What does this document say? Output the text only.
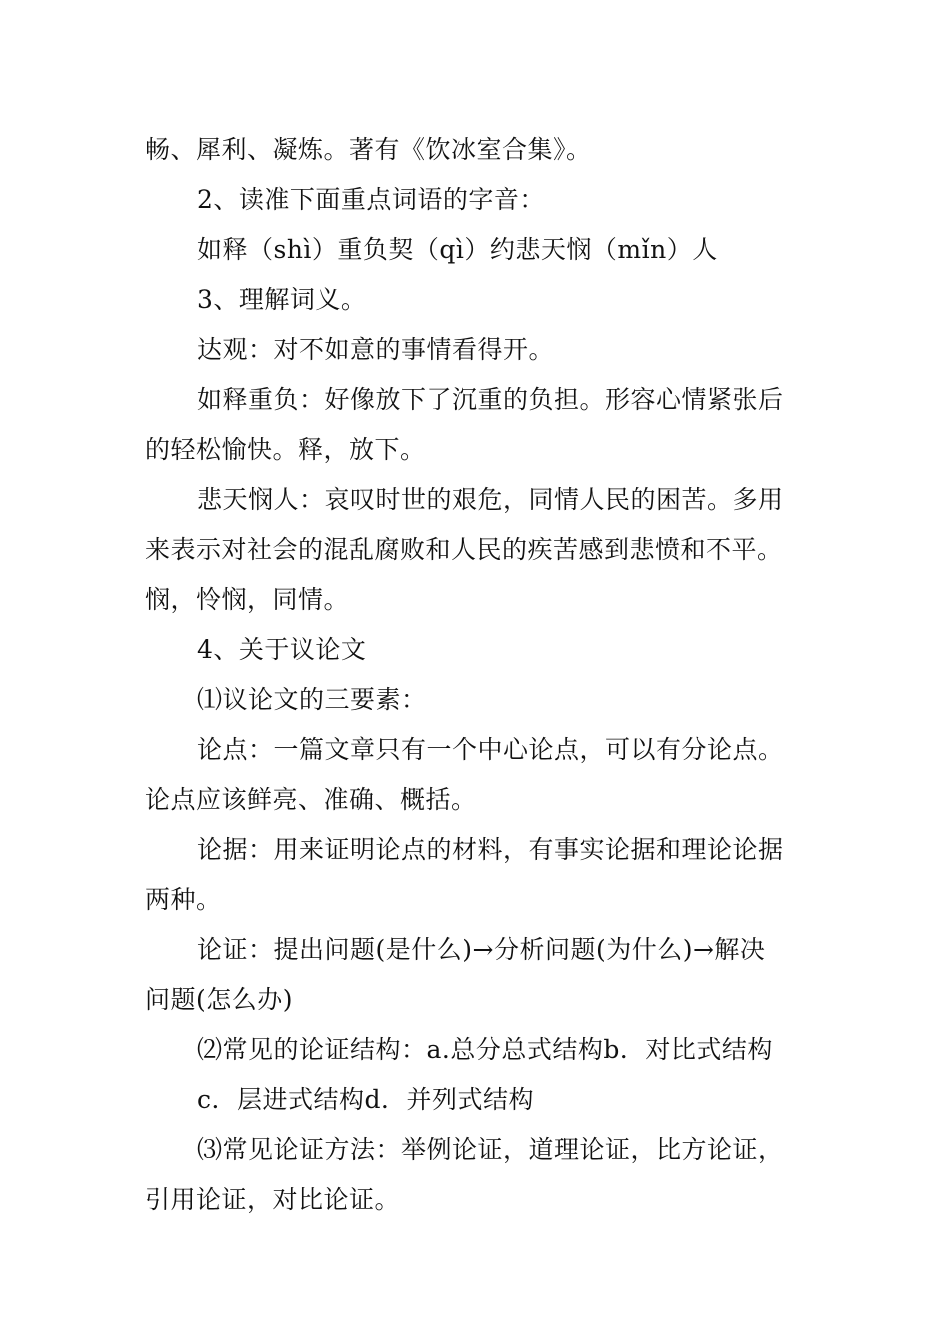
畅、犀利、凝炼。著有《饮冰室合集》。
2、读准下面重点词语的字音：
如释（shì）重负契（qì）约悲天悯（mǐn）人
3、理解词义。
达观：对不如意的事情看得开。
如释重负：好像放下了沉重的负担。形容心情紧张后
的轻松愉快。释，放下。
悲天悯人：哀叹时世的艰危，同情人民的困苦。多用
来表示对社会的混乱腐败和人民的疾苦感到悲愤和不平。
悯，怜悯，同情。
4、关于议论文
⑴议论文的三要素：
论点：一篇文章只有一个中心论点，可以有分论点。
论点应该鲜亮、准确、概括。
论据：用来证明论点的材料，有事实论据和理论论据
两种。
论证：提出问题(是什么)→分析问题(为什么)→解决
问题(怎么办)
⑵常见的论证结构：a.总分总式结构b．对比式结构
c．层进式结构d．并列式结构
⑶常见论证方法：举例论证，道理论证，比方论证，
引用论证，对比论证。
